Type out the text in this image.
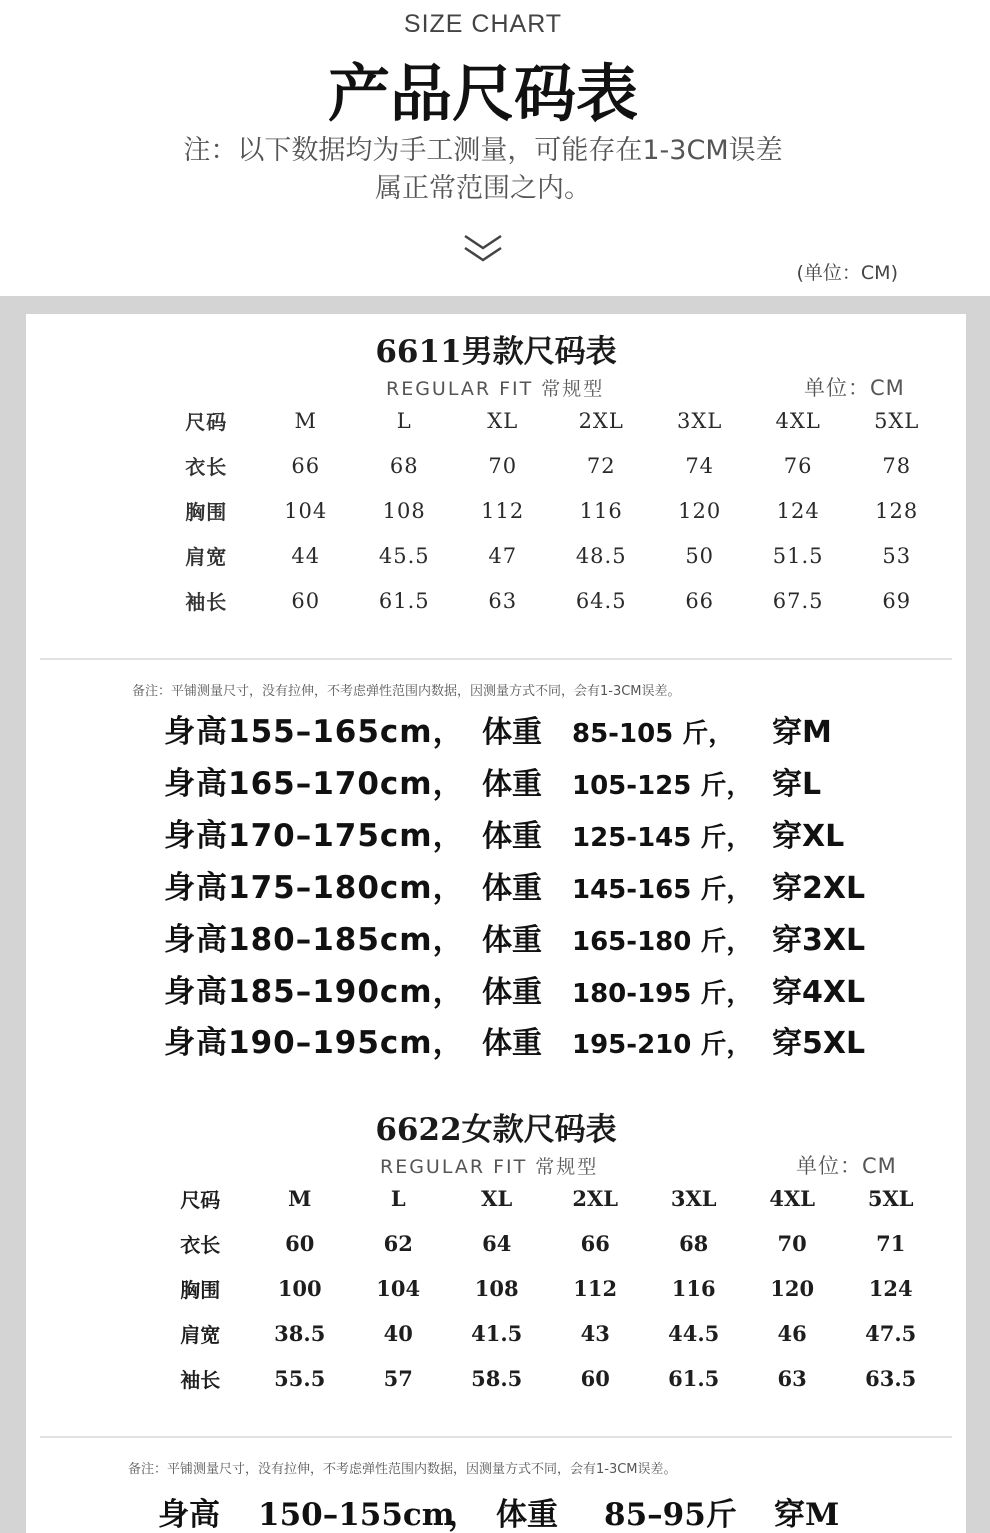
SIZE CHART
产品尺码表
注：以下数据均为手工测量，可能存在1-3CM误差
属正常范围之内。
(单位：CM)
6611男款尺码表
REGULAR FIT 常规型	单位：CM
尺码	M	L	XL	2XL	3XL	4XL	5XL
衣长	66	68	70	72	74	76	78
胸围	104	108	112	116	120	124	128
肩宽	44	45.5	47	48.5	50	51.5	53
袖长	60	61.5	63	64.5	66	67.5	69
备注：平铺测量尺寸，没有拉伸，不考虑弹性范围内数据，因测量方式不同，会有1-3CM误差。
身高155–165cm， 体重 85-105 斤， 穿M
身高165–170cm， 体重 105-125 斤， 穿L
身高170–175cm， 体重 125-145 斤， 穿XL
身高175–180cm， 体重 145-165 斤， 穿2XL
身高180–185cm， 体重 165-180 斤， 穿3XL
身高185–190cm， 体重 180-195 斤， 穿4XL
身高190–195cm， 体重 195-210 斤， 穿5XL
6622女款尺码表
REGULAR FIT 常规型	单位：CM
尺码	M	L	XL	2XL	3XL	4XL	5XL
衣长	60	62	64	66	68	70	71
胸围	100	104	108	112	116	120	124
肩宽	38.5	40	41.5	43	44.5	46	47.5
袖长	55.5	57	58.5	60	61.5	63	63.5
备注：平铺测量尺寸，没有拉伸，不考虑弹性范围内数据，因测量方式不同，会有1-3CM误差。
身高 150–155cm， 体重 85–95斤 穿M
